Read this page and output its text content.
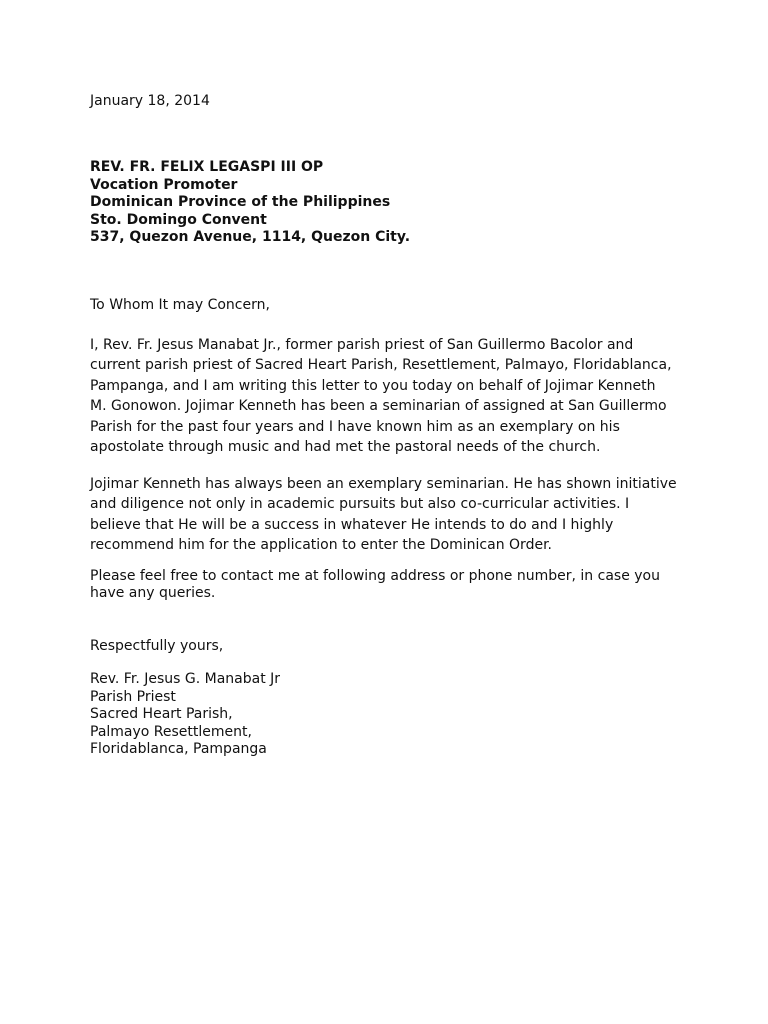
January 18, 2014
REV. FR. FELIX LEGASPI III OP
Vocation Promoter
Dominican Province of the Philippines
Sto. Domingo Convent
537, Quezon Avenue, 1114, Quezon City.
To Whom It may Concern,
I, Rev. Fr. Jesus Manabat Jr., former parish priest of San Guillermo Bacolor and
current parish priest of Sacred Heart Parish, Resettlement, Palmayo, Floridablanca,
Pampanga, and I am writing this letter to you today on behalf of Jojimar Kenneth
M. Gonowon. Jojimar Kenneth has been a seminarian of assigned at San Guillermo
Parish for the past four years and I have known him as an exemplary on his
apostolate through music and had met the pastoral needs of the church.
Jojimar Kenneth has always been an exemplary seminarian. He has shown initiative
and diligence not only in academic pursuits but also co-curricular activities. I
believe that He will be a success in whatever He intends to do and I highly
recommend him for the application to enter the Dominican Order.
Please feel free to contact me at following address or phone number, in case you
have any queries.
Respectfully yours,
Rev. Fr. Jesus G. Manabat Jr
Parish Priest
Sacred Heart Parish,
Palmayo Resettlement,
Floridablanca, Pampanga
